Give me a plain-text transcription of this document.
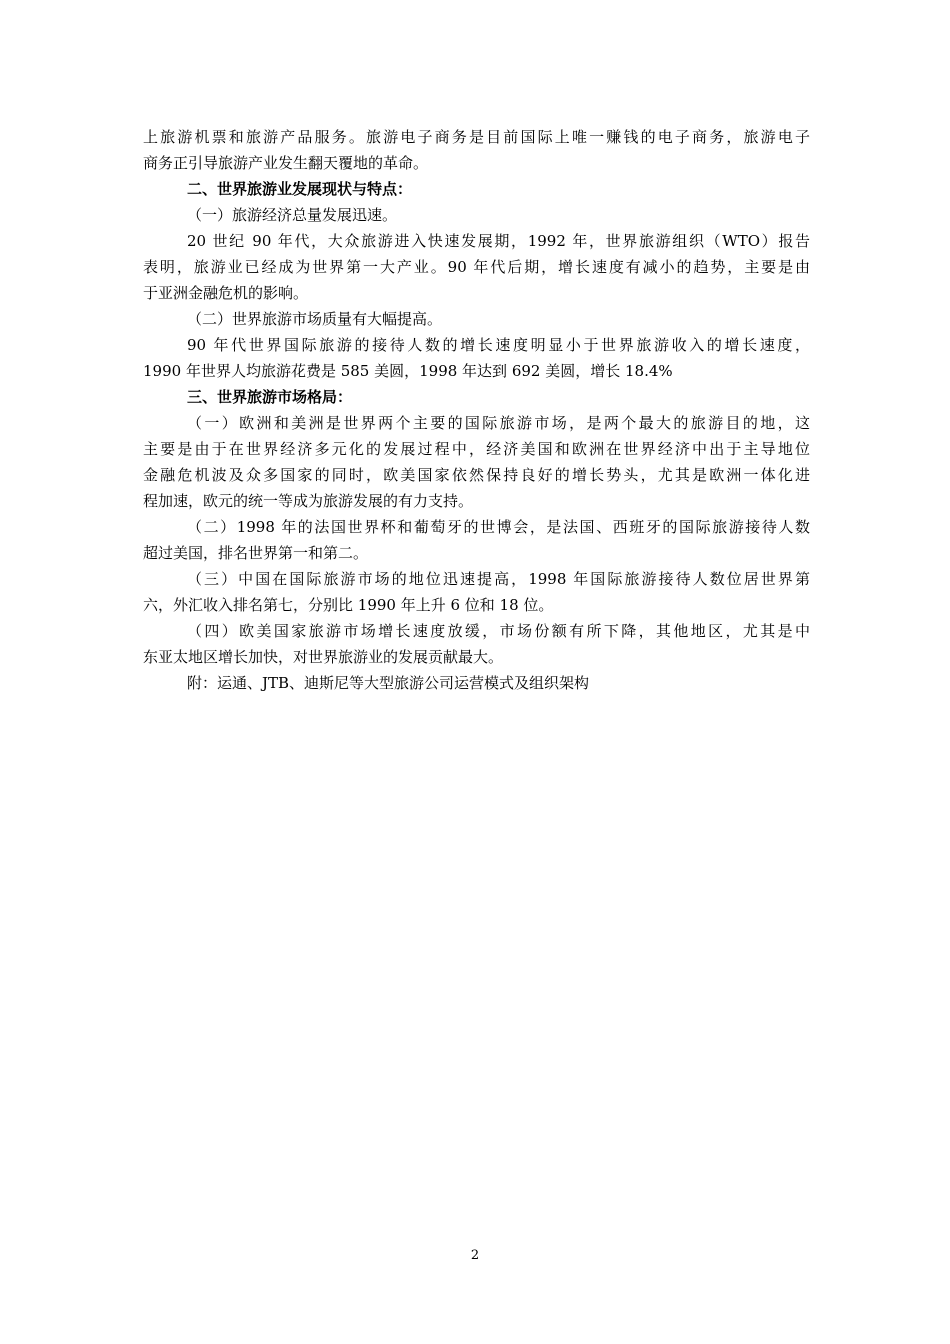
上旅游机票和旅游产品服务。旅游电子商务是目前国际上唯一赚钱的电子商务，旅游电子
商务正引导旅游产业发生翻天覆地的革命。
二、世界旅游业发展现状与特点：
（一）旅游经济总量发展迅速。
20 世纪 90 年代，大众旅游进入快速发展期，1992 年，世界旅游组织（WTO）报告
表明，旅游业已经成为世界第一大产业。90 年代后期，增长速度有减小的趋势，主要是由
于亚洲金融危机的影响。
（二）世界旅游市场质量有大幅提高。
90 年代世界国际旅游的接待人数的增长速度明显小于世界旅游收入的增长速度，
1990 年世界人均旅游花费是 585 美圆，1998 年达到 692 美圆，增长 18.4%
三、世界旅游市场格局：
（一）欧洲和美洲是世界两个主要的国际旅游市场，是两个最大的旅游目的地，这
主要是由于在世界经济多元化的发展过程中，经济美国和欧洲在世界经济中出于主导地位
金融危机波及众多国家的同时，欧美国家依然保持良好的增长势头，尤其是欧洲一体化进
程加速，欧元的统一等成为旅游发展的有力支持。
（二）1998 年的法国世界杯和葡萄牙的世博会，是法国、西班牙的国际旅游接待人数
超过美国，排名世界第一和第二。
（三）中国在国际旅游市场的地位迅速提高，1998 年国际旅游接待人数位居世界第
六，外汇收入排名第七，分别比 1990 年上升 6 位和 18 位。
（四）欧美国家旅游市场增长速度放缓，市场份额有所下降，其他地区，尤其是中
东亚太地区增长加快，对世界旅游业的发展贡献最大。
附：运通、JTB、迪斯尼等大型旅游公司运营模式及组织架构
2
